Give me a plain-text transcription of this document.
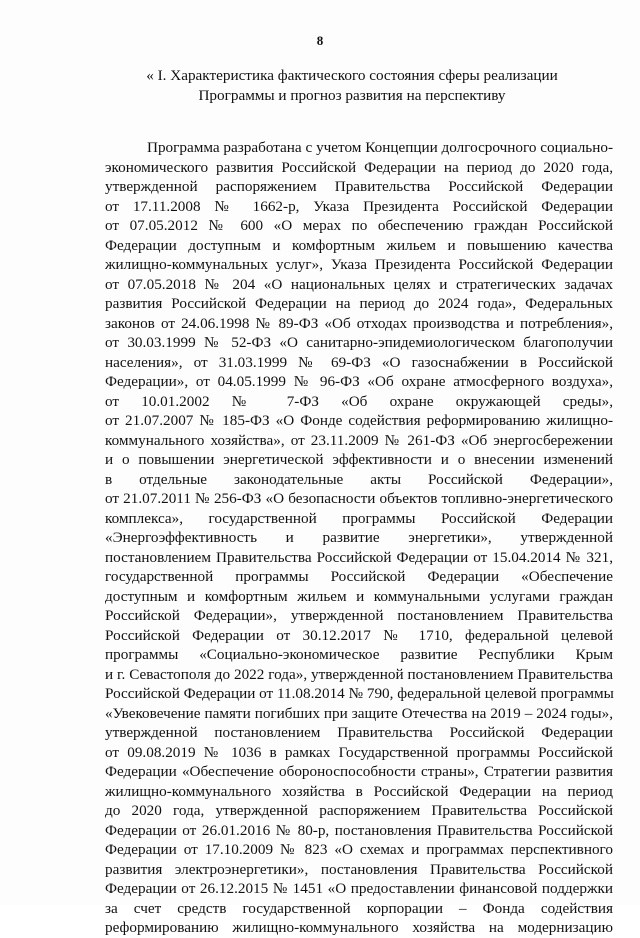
8
« I. Характеристика фактического состояния сферы реализации
Программы и прогноз развития на перспективу
Программа разработана с учетом Концепции долгосрочного социально-
экономического развития Российской Федерации на период до 2020 года,
утвержденной распоряжением Правительства Российской Федерации
от 17.11.2008 № 1662-р, Указа Президента Российской Федерации
от 07.05.2012 № 600 «О мерах по обеспечению граждан Российской
Федерации доступным и комфортным жильем и повышению качества
жилищно-коммунальных услуг», Указа Президента Российской Федерации
от 07.05.2018 № 204 «О национальных целях и стратегических задачах
развития Российской Федерации на период до 2024 года», Федеральных
законов от 24.06.1998 № 89-ФЗ «Об отходах производства и потребления»,
от 30.03.1999 № 52-ФЗ «О санитарно-эпидемиологическом благополучии
населения», от 31.03.1999 № 69-ФЗ «О газоснабжении в Российской
Федерации», от 04.05.1999 № 96-ФЗ «Об охране атмосферного воздуха»,
от 10.01.2002 № 7-ФЗ «Об охране окружающей среды»,
от 21.07.2007 № 185-ФЗ «О Фонде содействия реформированию жилищно-
коммунального хозяйства», от 23.11.2009 № 261-ФЗ «Об энергосбережении
и о повышении энергетической эффективности и о внесении изменений
в отдельные законодательные акты Российской Федерации»,
от 21.07.2011 № 256-ФЗ «О безопасности объектов топливно-энергетического
комплекса», государственной программы Российской Федерации
«Энергоэффективность и развитие энергетики», утвержденной
постановлением Правительства Российской Федерации от 15.04.2014 № 321,
государственной программы Российской Федерации «Обеспечение
доступным и комфортным жильем и коммунальными услугами граждан
Российской Федерации», утвержденной постановлением Правительства
Российской Федерации от 30.12.2017 № 1710, федеральной целевой
программы «Социально-экономическое развитие Республики Крым
и г. Севастополя до 2022 года», утвержденной постановлением Правительства
Российской Федерации от 11.08.2014 № 790, федеральной целевой программы
«Увековечение памяти погибших при защите Отечества на 2019 – 2024 годы»,
утвержденной постановлением Правительства Российской Федерации
от 09.08.2019 № 1036 в рамках Государственной программы Российской
Федерации «Обеспечение обороноспособности страны», Стратегии развития
жилищно-коммунального хозяйства в Российской Федерации на период
до 2020 года, утвержденной распоряжением Правительства Российской
Федерации от 26.01.2016 № 80-р, постановления Правительства Российской
Федерации от 17.10.2009 № 823 «О схемах и программах перспективного
развития электроэнергетики», постановления Правительства Российской
Федерации от 26.12.2015 № 1451 «О предоставлении финансовой поддержки
за счет средств государственной корпорации – Фонда содействия
реформированию жилищно-коммунального хозяйства на модернизацию
